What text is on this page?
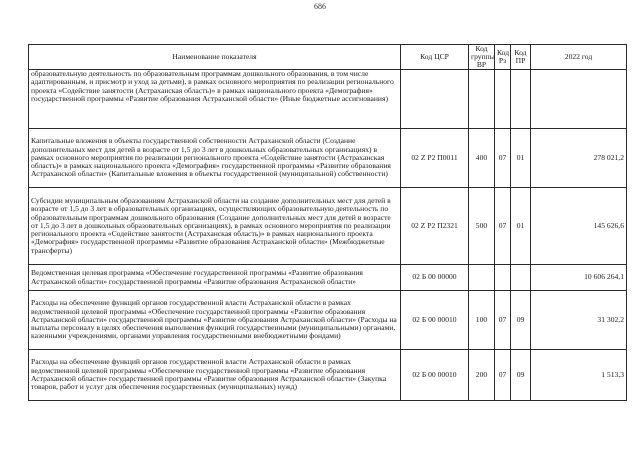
686
Наименование показателя	Код ЦСР	Код группы ВР	Код Рз	Код ПР	2022 год
образовательную деятельность по образовательным программам дошкольного образования, в том числе адаптированным, и присмотр и уход за детьми), в рамках основного мероприятия по реализации регионального проекта «Содействие занятости (Астраханская область)» в рамках национального проекта «Демография» государственной программы «Развитие образования Астраханской области» (Иные бюджетные ассигнования)					
Капитальные вложения в объекты государственной собственности Астраханской области (Создание дополнительных мест для детей в возрасте от 1,5 до 3 лет в дошкольных образовательных организациях) в рамках основного мероприятия по реализации регионального проекта «Содействие занятости (Астраханская область)» в рамках национального проекта «Демография» государственной программы «Развитие образования Астраханской области» (Капитальные вложения в объекты государственной (муниципальной) собственности)	02 Z P2 П0011	400	07	01	278 021,2
Субсидии муниципальным образованиям Астраханской области на создание дополнительных мест для детей в возрасте от 1,5 до 3 лет в образовательных организациях, осуществляющих образовательную деятельность по образовательным программам дошкольного образования (Создание дополнительных мест для детей в возрасте от 1,5 до 3 лет в дошкольных образовательных организациях), в рамках основного мероприятия по реализации регионального проекта «Содействие занятости (Астраханская область)» в рамках национального проекта «Демография» государственной программы «Развитие образования Астраханской области» (Межбюджетные трансферты)	02 Z P2 П2321	500	07	01	145 626,6
Ведомственная целевая программа «Обеспечение государственной программы «Развитие образования Астраханской области» государственной программы «Развитие образования Астраханской области»	02 Б 00 00000				10 606 264,1
Расходы на обеспечение функций органов государственной власти Астраханской области в рамках ведомственной целевой программы «Обеспечение государственной программы «Развитие образования Астраханской области» государственной программы «Развитие образования Астраханской области» (Расходы на выплаты персоналу в целях обеспечения выполнения функций государственными (муниципальными) органами, казенными учреждениями, органами управления государственными внебюджетными фондами)	02 Б 00 00010	100	07	09	31 302,2
Расходы на обеспечение функций органов государственной власти Астраханской области в рамках ведомственной целевой программы «Обеспечение государственной программы «Развитие образования Астраханской области» государственной программы «Развитие образования Астраханской области» (Закупка товаров, работ и услуг для обеспечения государственных (муниципальных) нужд)	02 Б 00 00010	200	07	09	1 513,3
